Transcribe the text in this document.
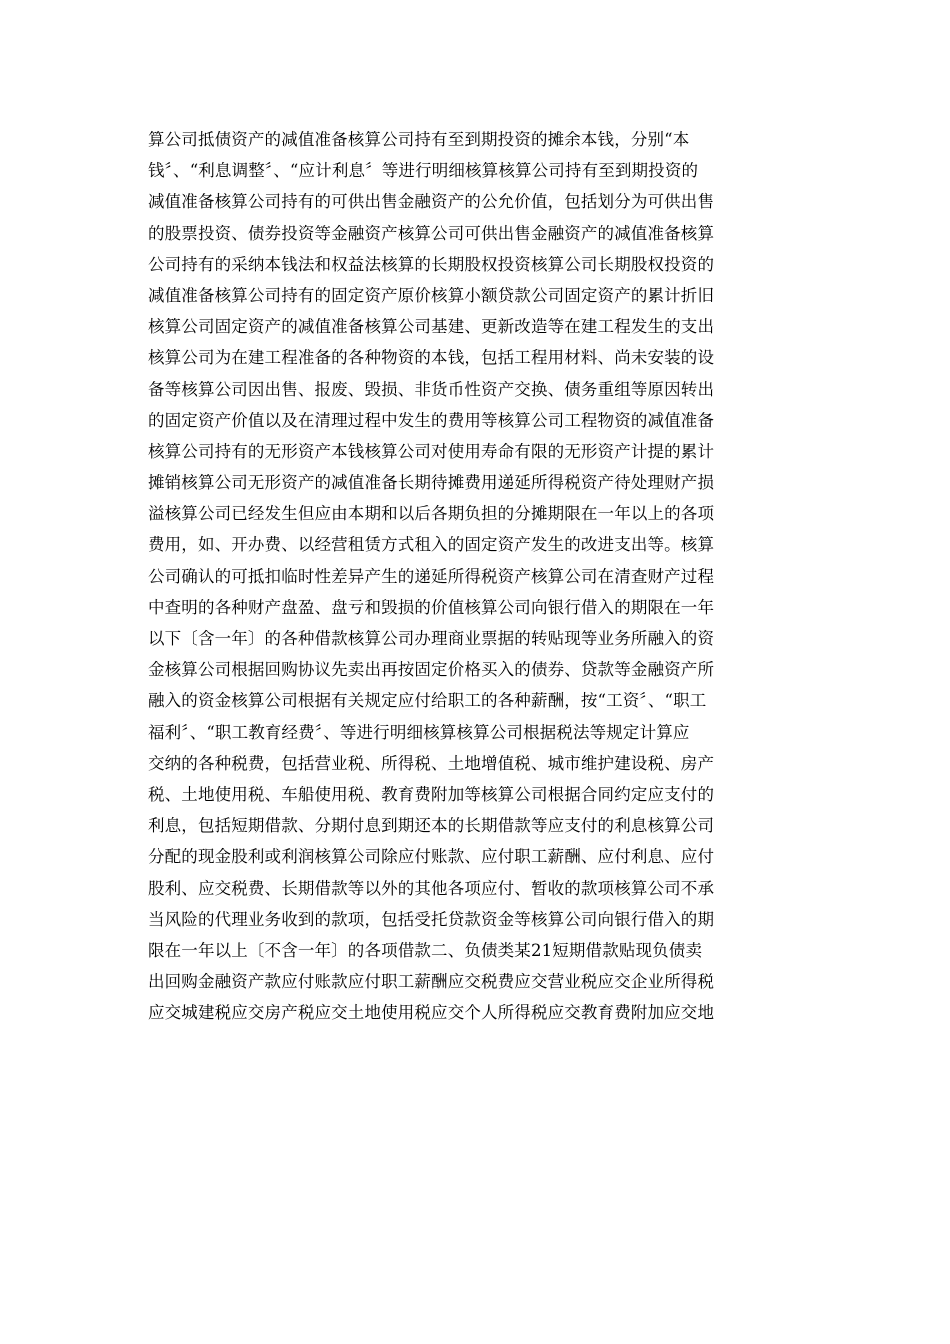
算公司抵债资产的减值准备核算公司持有至到期投资的摊余本钱，分别“本
钱〞、“利息调整〞、“应计利息〞等进行明细核算核算公司持有至到期投资的
减值准备核算公司持有的可供出售金融资产的公允价值，包括划分为可供出售
的股票投资、债券投资等金融资产核算公司可供出售金融资产的减值准备核算
公司持有的采纳本钱法和权益法核算的长期股权投资核算公司长期股权投资的
减值准备核算公司持有的固定资产原价核算小额贷款公司固定资产的累计折旧
核算公司固定资产的减值准备核算公司基建、更新改造等在建工程发生的支出
核算公司为在建工程准备的各种物资的本钱，包括工程用材料、尚未安装的设
备等核算公司因出售、报废、毁损、非货币性资产交换、债务重组等原因转出
的固定资产价值以及在清理过程中发生的费用等核算公司工程物资的减值准备
核算公司持有的无形资产本钱核算公司对使用寿命有限的无形资产计提的累计
摊销核算公司无形资产的减值准备长期待摊费用递延所得税资产待处理财产损
溢核算公司已经发生但应由本期和以后各期负担的分摊期限在一年以上的各项
费用，如、开办费、以经营租赁方式租入的固定资产发生的改进支出等。核算
公司确认的可抵扣临时性差异产生的递延所得税资产核算公司在清查财产过程
中查明的各种财产盘盈、盘亏和毁损的价值核算公司向银行借入的期限在一年
以下〔含一年〕的各种借款核算公司办理商业票据的转贴现等业务所融入的资
金核算公司根据回购协议先卖出再按固定价格买入的债券、贷款等金融资产所
融入的资金核算公司根据有关规定应付给职工的各种薪酬，按“工资〞、“职工
福利〞、“职工教育经费〞、等进行明细核算核算公司根据税法等规定计算应
交纳的各种税费，包括营业税、所得税、土地增值税、城市维护建设税、房产
税、土地使用税、车船使用税、教育费附加等核算公司根据合同约定应支付的
利息，包括短期借款、分期付息到期还本的长期借款等应支付的利息核算公司
分配的现金股利或利润核算公司除应付账款、应付职工薪酬、应付利息、应付
股利、应交税费、长期借款等以外的其他各项应付、暂收的款项核算公司不承
当风险的代理业务收到的款项，包括受托贷款资金等核算公司向银行借入的期
限在一年以上〔不含一年〕的各项借款二、负债类某21短期借款贴现负债卖
出回购金融资产款应付账款应付职工薪酬应交税费应交营业税应交企业所得税
应交城建税应交房产税应交土地使用税应交个人所得税应交教育费附加应交地
